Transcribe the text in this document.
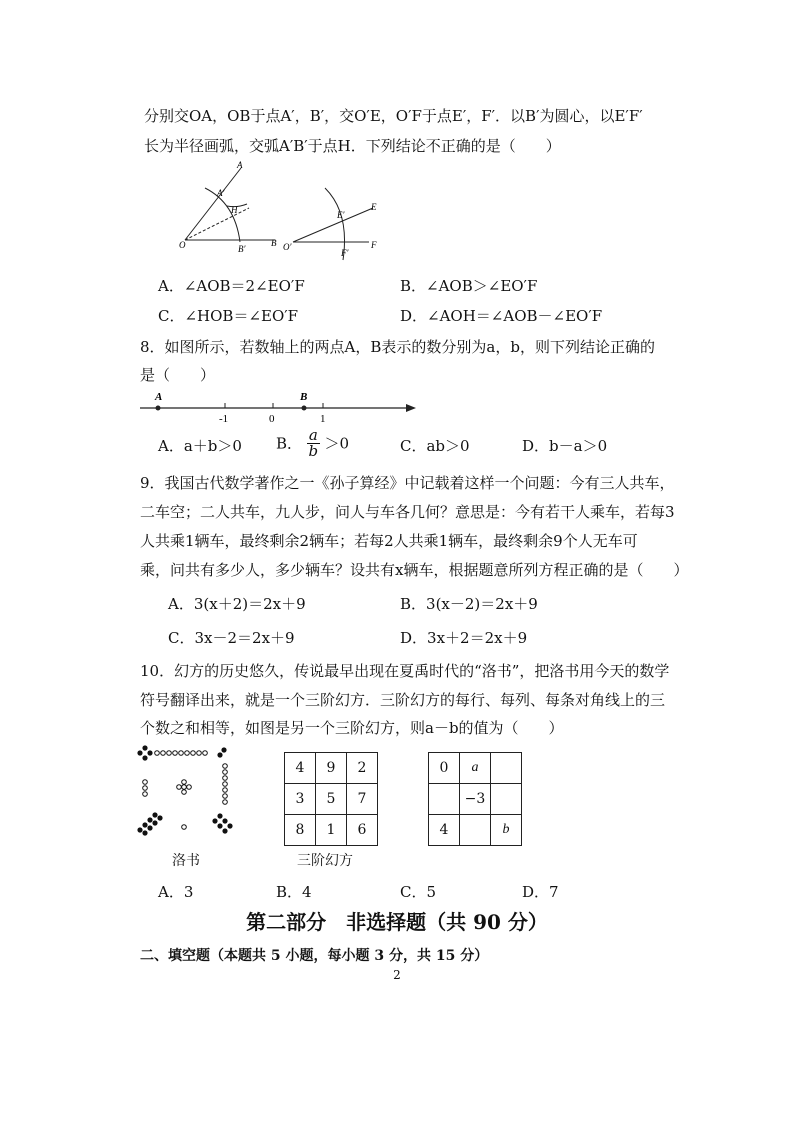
分别交OA，OB于点A′，B′，交O′E，O′F于点E′，F′．以B′为圆心，以E′F′
长为半径画弧，交弧A′B′于点H．下列结论不正确的是（　　）
A
A′
H
O	B′
B O′
E′
E
F′
F
A．∠AOB＝2∠EO′F	B．∠AOB＞∠EO′F
C．∠HOB＝∠EO′F	D．∠AOH＝∠AOB－∠EO′F
8．如图所示，若数轴上的两点A，B表示的数分别为a，b，则下列结论正确的
是（　　）
A	B
-1	0	1
A．a＋b＞0 B． $\frac{a}{b} >0$	C．ab＞0	D．b－a＞0
9．我国古代数学著作之一《孙子算经》中记载着这样一个问题：今有三人共车，
二车空；二人共车，九人步，问人与车各几何？意思是：今有若干人乘车，若每3
人共乘1辆车，最终剩余2辆车；若每2人共乘1辆车，最终剩余9个人无车可
乘，问共有多少人，多少辆车？设共有x辆车，根据题意所列方程正确的是（　　）
A．3(x＋2)＝2x＋9	B．3(x－2)＝2x＋9
C．3x－2＝2x＋9	D．3x＋2＝2x＋9
10．幻方的历史悠久，传说最早出现在夏禹时代的“洛书”，把洛书用今天的数学
符号翻译出来，就是一个三阶幻方．三阶幻方的每行、每列、每条对角线上的三
个数之和相等，如图是另一个三阶幻方，则a－b的值为（　　）
洛书
4	9	2
3	5	7
8	1	6
三阶幻方
0	a	
	−3	
4		b
A．3	B．4	C．5	D．7
第二部分　非选择题（共 90 分）
二、填空题（本题共 5 小题，每小题 3 分，共 15 分）
2
